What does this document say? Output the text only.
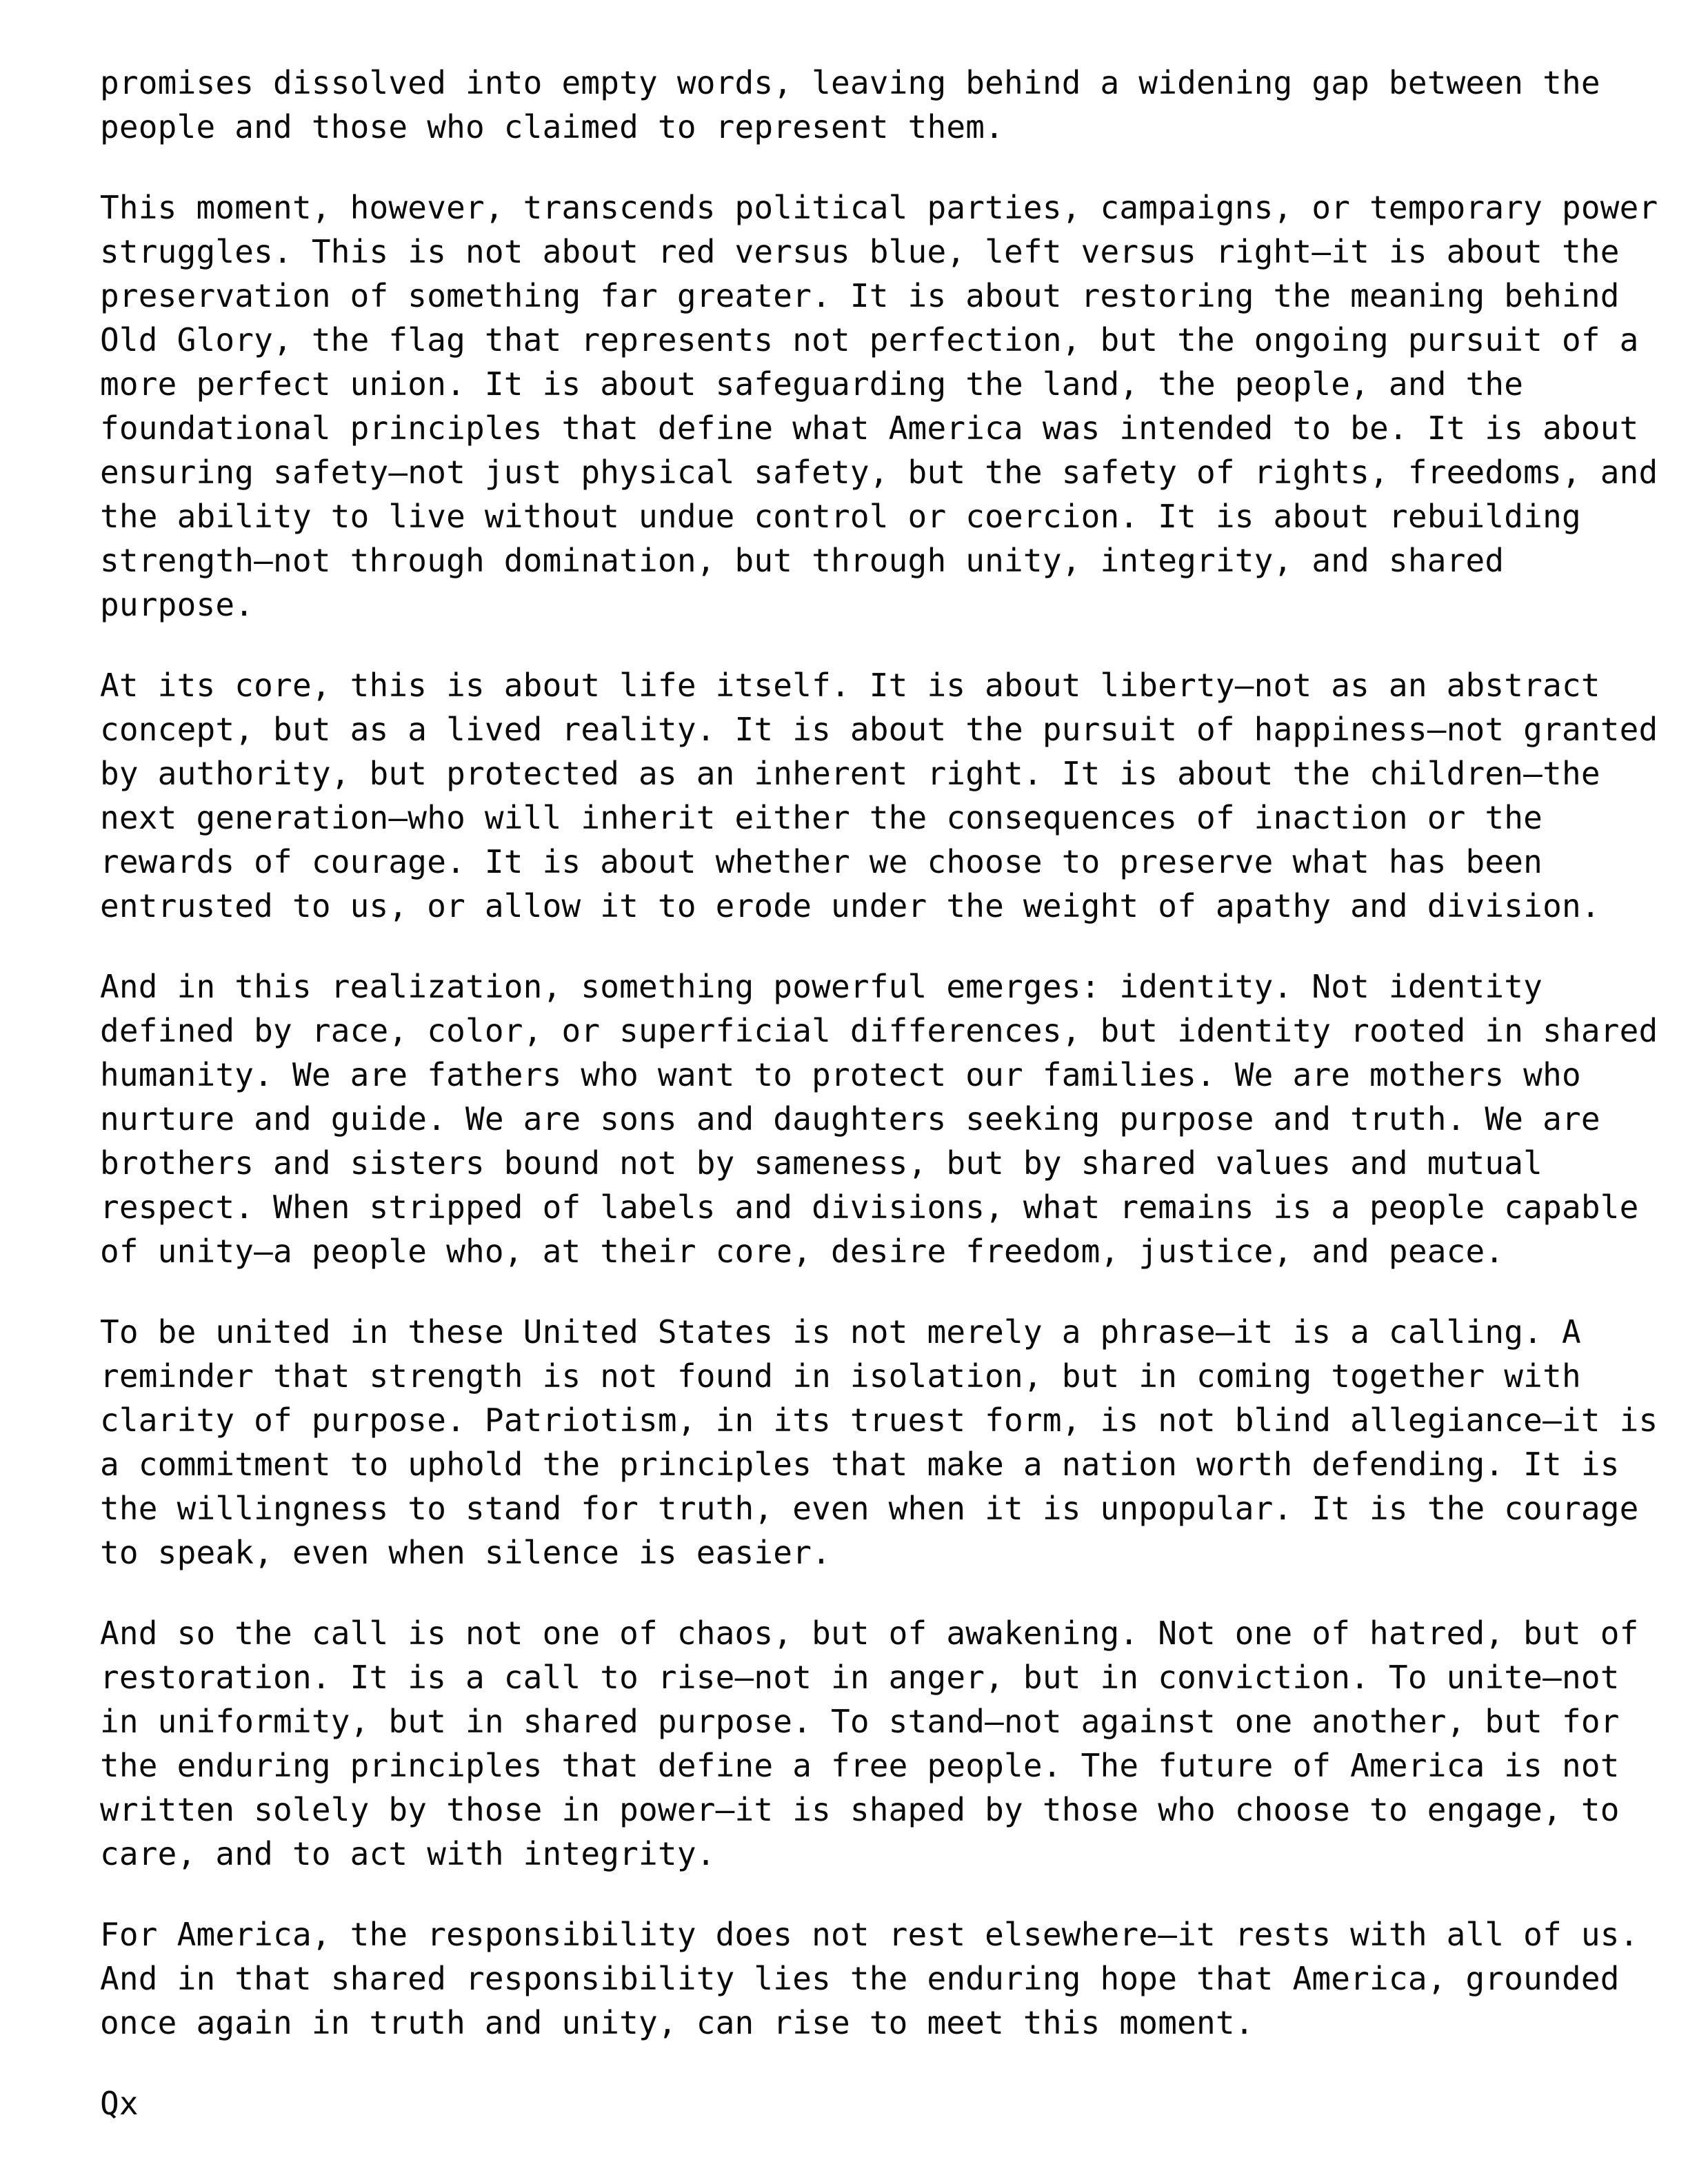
promises dissolved into empty words, leaving behind a widening gap between the
people and those who claimed to represent them.
This moment, however, transcends political parties, campaigns, or temporary power
struggles. This is not about red versus blue, left versus right—it is about the
preservation of something far greater. It is about restoring the meaning behind
Old Glory, the flag that represents not perfection, but the ongoing pursuit of a
more perfect union. It is about safeguarding the land, the people, and the
foundational principles that define what America was intended to be. It is about
ensuring safety—not just physical safety, but the safety of rights, freedoms, and
the ability to live without undue control or coercion. It is about rebuilding
strength—not through domination, but through unity, integrity, and shared
purpose.
At its core, this is about life itself. It is about liberty—not as an abstract
concept, but as a lived reality. It is about the pursuit of happiness—not granted
by authority, but protected as an inherent right. It is about the children—the
next generation—who will inherit either the consequences of inaction or the
rewards of courage. It is about whether we choose to preserve what has been
entrusted to us, or allow it to erode under the weight of apathy and division.
And in this realization, something powerful emerges: identity. Not identity
defined by race, color, or superficial differences, but identity rooted in shared
humanity. We are fathers who want to protect our families. We are mothers who
nurture and guide. We are sons and daughters seeking purpose and truth. We are
brothers and sisters bound not by sameness, but by shared values and mutual
respect. When stripped of labels and divisions, what remains is a people capable
of unity—a people who, at their core, desire freedom, justice, and peace.
To be united in these United States is not merely a phrase—it is a calling. A
reminder that strength is not found in isolation, but in coming together with
clarity of purpose. Patriotism, in its truest form, is not blind allegiance—it is
a commitment to uphold the principles that make a nation worth defending. It is
the willingness to stand for truth, even when it is unpopular. It is the courage
to speak, even when silence is easier.
And so the call is not one of chaos, but of awakening. Not one of hatred, but of
restoration. It is a call to rise—not in anger, but in conviction. To unite—not
in uniformity, but in shared purpose. To stand—not against one another, but for
the enduring principles that define a free people. The future of America is not
written solely by those in power—it is shaped by those who choose to engage, to
care, and to act with integrity.
For America, the responsibility does not rest elsewhere—it rests with all of us.
And in that shared responsibility lies the enduring hope that America, grounded
once again in truth and unity, can rise to meet this moment.
Qx
